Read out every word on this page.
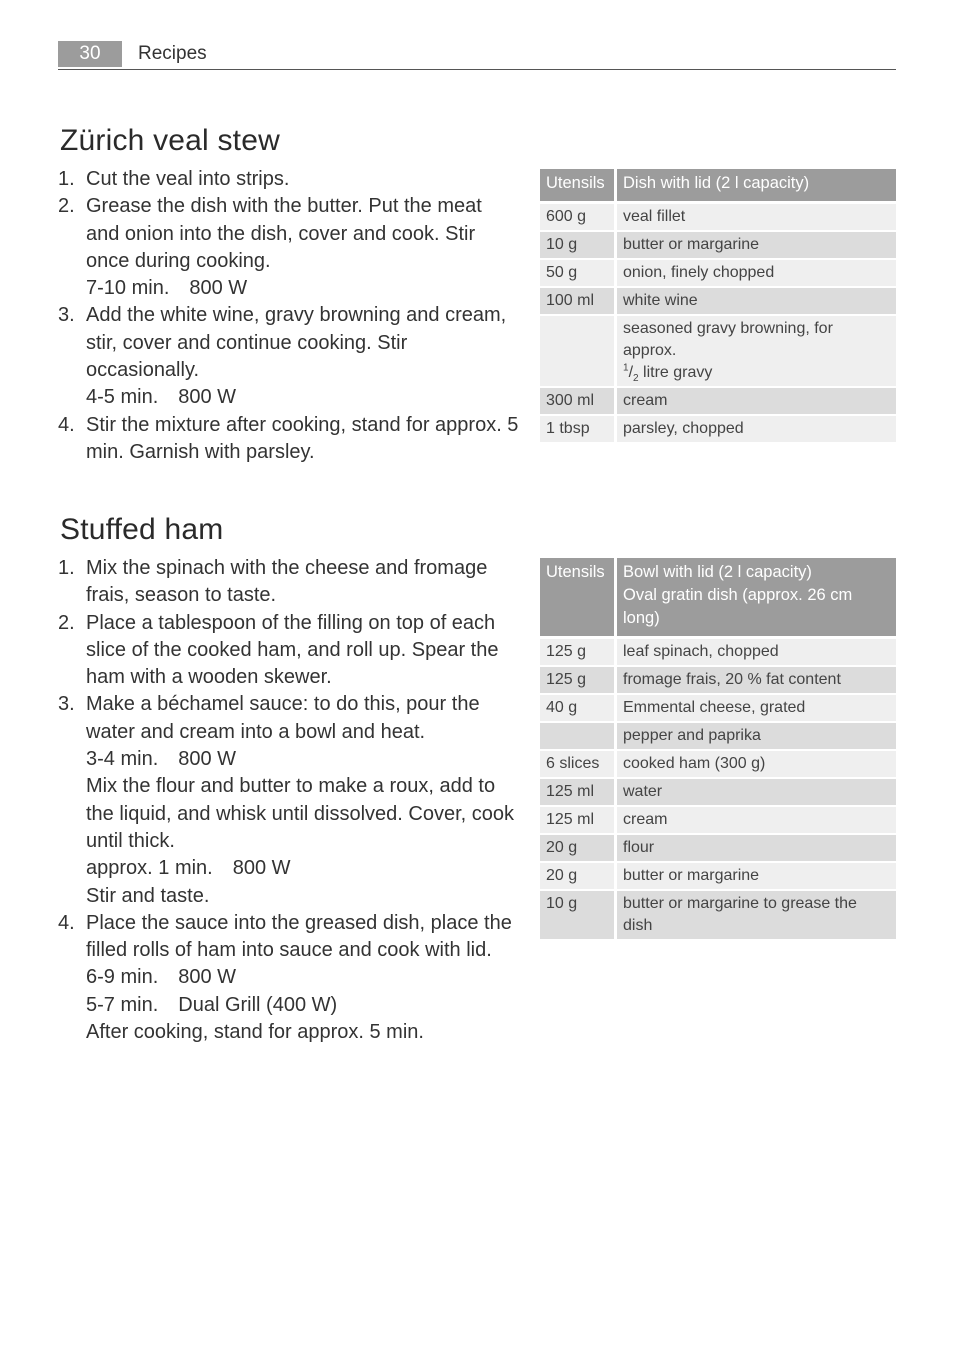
30	Recipes
Zürich veal stew
1. Cut the veal into strips.
2. Grease the dish with the butter. Put the meat and onion into the dish, cover and cook. Stir once during cooking.
7-10 min. 800 W
3. Add the white wine, gravy browning and cream, stir, cover and continue cooking. Stir occasionally.
4-5 min. 800 W
4. Stir the mixture after cooking, stand for approx. 5 min. Garnish with parsley.
Utensils	Dish with lid (2 l capacity)

600 g	veal fillet
10 g	butter or margarine
50 g	onion, finely chopped
100 ml	white wine

	seasoned gravy browning, for approx.
$^1/_2$ litre gravy
300 ml	cream
1 tbsp	parsley, chopped
Stuffed ham
1. Mix the spinach with the cheese and fromage frais, season to taste.
2. Place a tablespoon of the filling on top of each slice of the cooked ham, and roll up. Spear the ham with a wooden skewer.
3. Make a béchamel sauce: to do this, pour the water and cream into a bowl and heat.
3-4 min. 800 W
Mix the flour and butter to make a roux, add to the liquid, and whisk until dissolved. Cover, cook until thick.
approx. 1 min. 800 W
Stir and taste.
4. Place the sauce into the greased dish, place the filled rolls of ham into sauce and cook with lid.
6-9 min. 800 W
5-7 min. Dual Grill (400 W)
After cooking, stand for approx. 5 min.
Utensils	Bowl with lid (2 l capacity)
Oval gratin dish (approx. 26 cm long)

125 g	leaf spinach, chopped
125 g	fromage frais, 20 % fat content
40 g	Emmental cheese, grated
	pepper and paprika
6 slices	cooked ham (300 g)
125 ml	water
125 ml	cream
20 g	flour
20 g	butter or margarine
10 g	butter or margarine to grease the dish
